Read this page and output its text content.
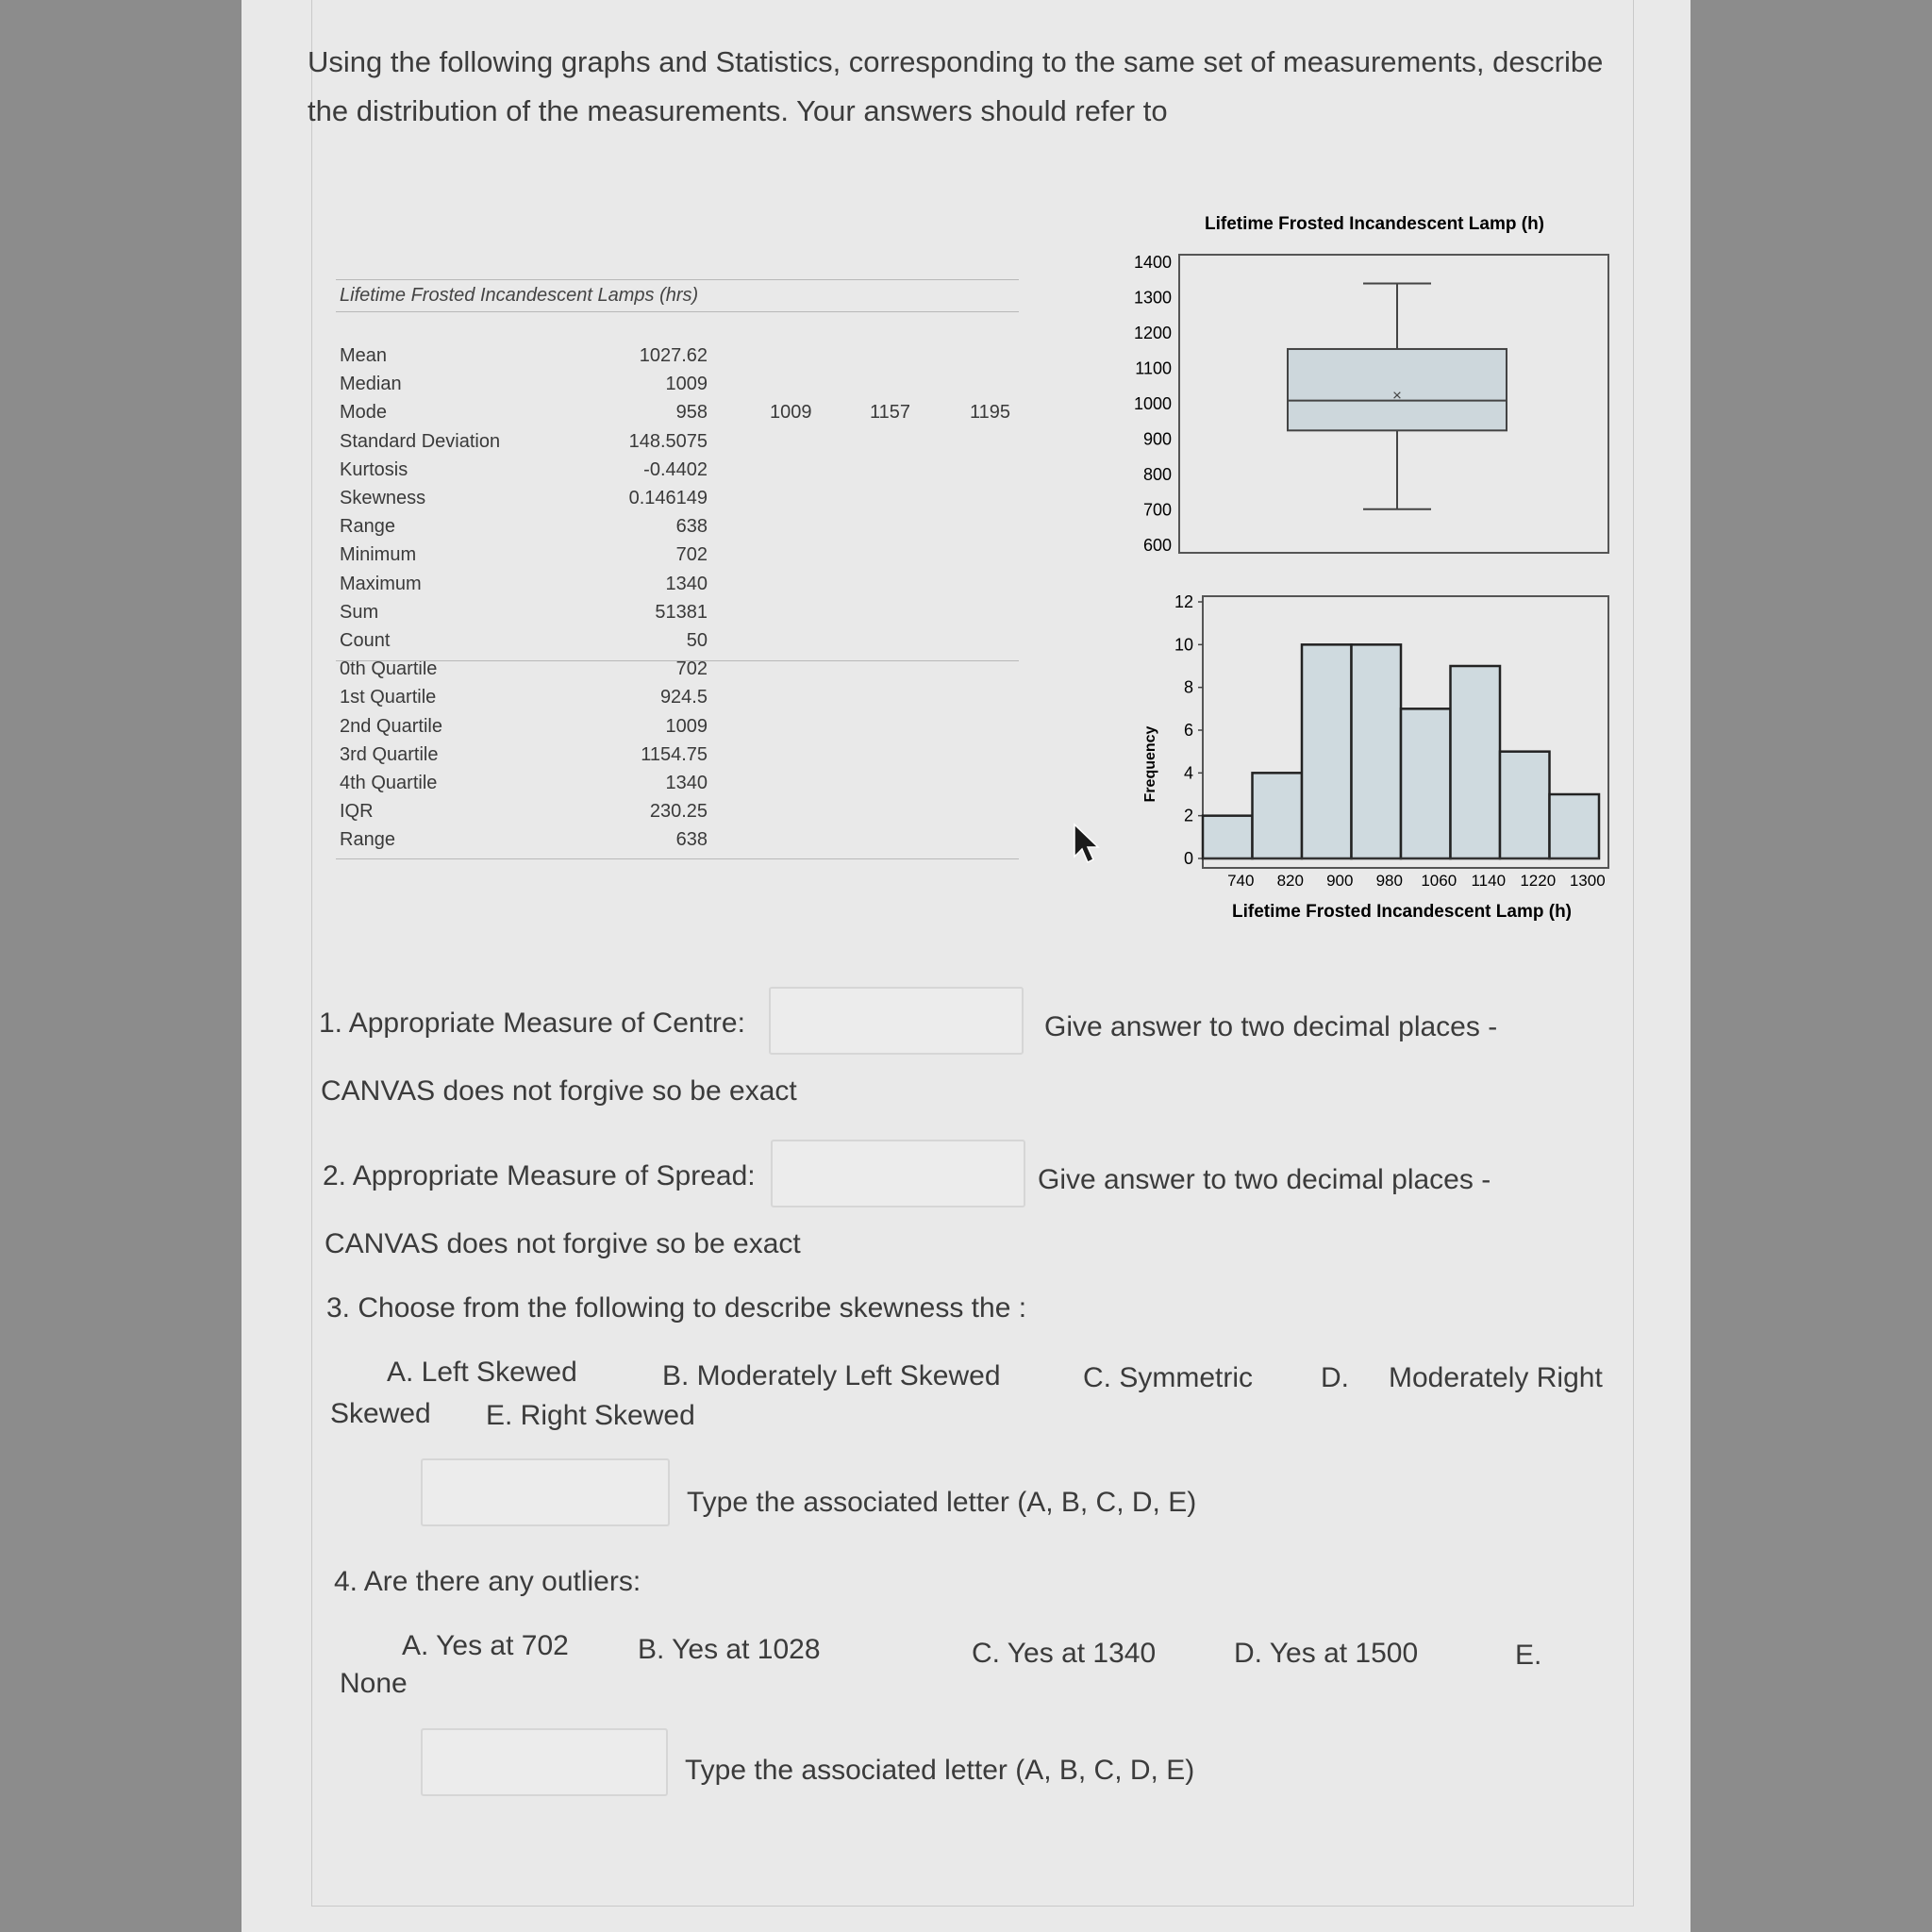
Using the following graphs and Statistics, corresponding to the same set of measurements, describe the distribution of the measurements. Your answers should refer to
Lifetime Frosted Incandescent Lamps (hrs)
Mean	1027.62
Median	1009
Mode	958	1009	1157	1195
Standard Deviation	148.5075
Kurtosis	-0.4402
Skewness	0.146149
Range	638
Minimum	702
Maximum	1340
Sum	51381
Count	50
0th Quartile	702
1st Quartile	924.5
2nd Quartile	1009
3rd Quartile	1154.75
4th Quartile	1340
IQR	230.25
Range	638
Lifetime Frosted Incandescent Lamp (h)
1400
1300
1200
1100
1000
900
800
700
600
×
Frequency
12
10
8
6
4
2
0
740 820 900 980 1060 1140 1220 1300
Lifetime Frosted Incandescent Lamp (h)
1. Appropriate Measure of Centre:	Give answer to two decimal places -
CANVAS does not forgive so be exact
2. Appropriate Measure of Spread:	Give answer to two decimal places -
CANVAS does not forgive so be exact
3. Choose from the following to describe skewness the :
A. Left Skewed	B. Moderately Left Skewed	C. Symmetric D. Moderately Right
Skewed E. Right Skewed
Type the associated letter (A, B, C, D, E)
4. Are there any outliers:
A. Yes at 702 B. Yes at 1028	C. Yes at 1340	D. Yes at 1500	E.
None
Type the associated letter (A, B, C, D, E)
